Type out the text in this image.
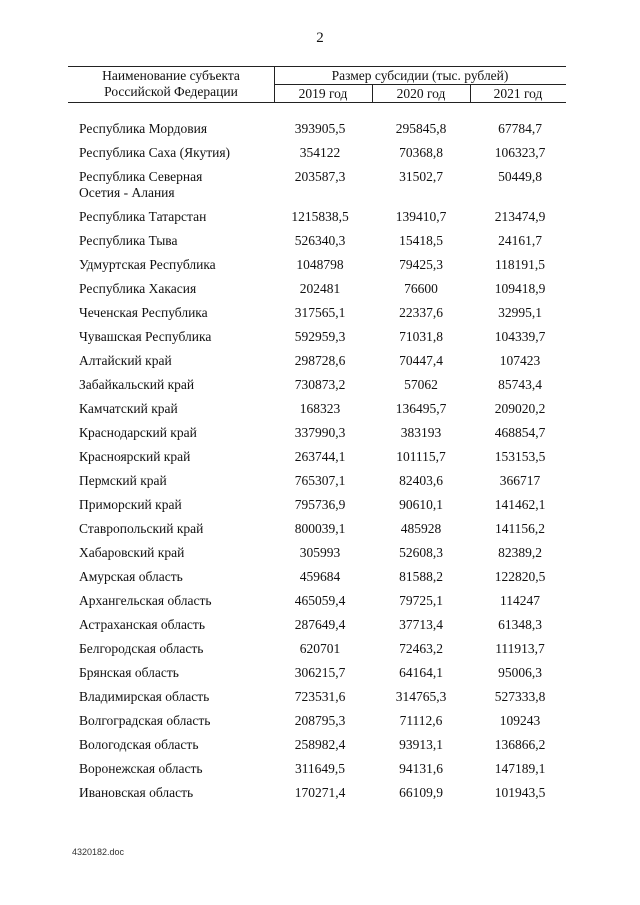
2
Наименование субъекта
Российской Федерации
Размер субсидии (тыс. рублей)
2019 год	2020 год	2021 год
Республика Мордовия	393905,5	295845,8	67784,7
Республика Саха (Якутия)	354122	70368,8	106323,7
Республика Северная
Осетия - Алания
203587,3	31502,7	50449,8
Республика Татарстан	1215838,5	139410,7	213474,9
Республика Тыва	526340,3	15418,5	24161,7
Удмуртская Республика	1048798	79425,3	118191,5
Республика Хакасия	202481	76600	109418,9
Чеченская Республика	317565,1	22337,6	32995,1
Чувашская Республика	592959,3	71031,8	104339,7
Алтайский край	298728,6	70447,4	107423
Забайкальский край	730873,2	57062	85743,4
Камчатский край	168323	136495,7	209020,2
Краснодарский край	337990,3	383193	468854,7
Красноярский край	263744,1	101115,7	153153,5
Пермский край	765307,1	82403,6	366717
Приморский край	795736,9	90610,1	141462,1
Ставропольский край	800039,1	485928	141156,2
Хабаровский край	305993	52608,3	82389,2
Амурская область	459684	81588,2	122820,5
Архангельская область	465059,4	79725,1	114247
Астраханская область	287649,4	37713,4	61348,3
Белгородская область	620701	72463,2	111913,7
Брянская область	306215,7	64164,1	95006,3
Владимирская область	723531,6	314765,3	527333,8
Волгоградская область	208795,3	71112,6	109243
Вологодская область	258982,4	93913,1	136866,2
Воронежская область	311649,5	94131,6	147189,1
Ивановская область	170271,4	66109,9	101943,5
4320182.doc
